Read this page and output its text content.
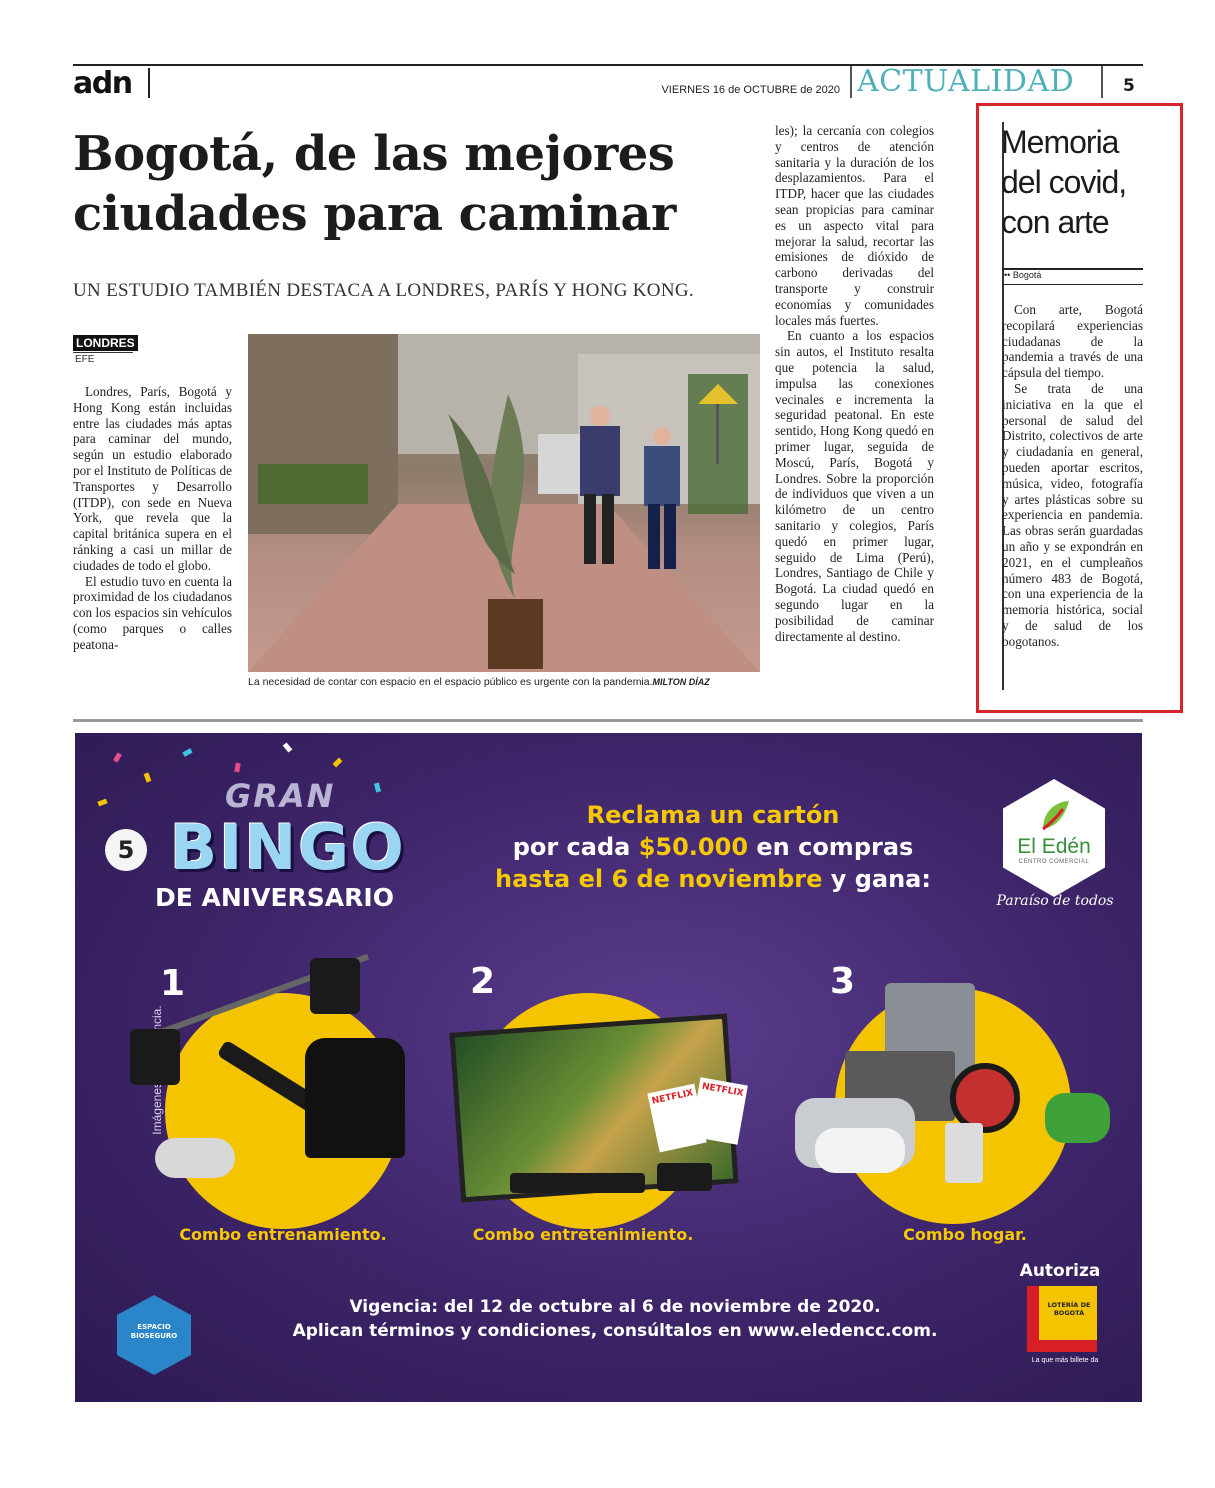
adn	VIERNES 16 de OCTUBRE de 2020 ACTUALIDAD	5
Bogotá, de las mejores ciudades para caminar
UN ESTUDIO TAMBIÉN DESTACA A LONDRES, PARÍS Y HONG KONG.
LONDRES
EFE

Londres, París, Bogotá y Hong Kong están incluidas entre las ciudades más aptas para caminar del mundo, según un estudio elaborado por el Instituto de Políticas de Transportes y Desarrollo (ITDP), con sede en Nueva York, que revela que la capital británica supera en el ránking a casi un millar de ciudades de todo el globo.

El estudio tuvo en cuenta la proximidad de los ciudadanos con los espacios sin vehículos (como parques o calles peatona-

La necesidad de contar con espacio en el espacio público es urgente con la pandemia.MILTON DÍAZ

les); la cercanía con colegios y centros de atención sanitaria y la duración de los desplazamientos. Para el ITDP, hacer que las ciudades sean propicias para caminar es un aspecto vital para mejorar la salud, recortar las emisiones de dióxido de carbono derivadas del transporte y construir economías y comunidades locales más fuertes.

En cuanto a los espacios sin autos, el Instituto resalta que potencia la salud, impulsa las conexiones vecinales e incrementa la seguridad peatonal. En este sentido, Hong Kong quedó en primer lugar, seguida de Moscú, París, Bogotá y Londres. Sobre la proporción de individuos que viven a un kilómetro de un centro sanitario y colegios, París quedó en primer lugar, seguido de Lima (Perú), Londres, Santiago de Chile y Bogotá. La ciudad quedó en segundo lugar en la posibilidad de caminar directamente al destino.

Memoria del covid, con arte
•• Bogotá

Con arte, Bogotá recopilará experiencias ciudadanas de la pandemia a través de una cápsula del tiempo.

Se trata de una iniciativa en la que el personal de salud del Distrito, colectivos de arte y ciudadanía en general, pueden aportar escritos, música, video, fotografía y artes plásticas sobre su experiencia en pandemia. Las obras serán guardadas un año y se expondrán en 2021, en el cumpleaños número 483 de Bogotá, con una experiencia de la memoria histórica, social y de salud de los bogotanos.

GRAN
5 BINGO
DE ANIVERSARIO
Reclama un cartón
por cada $50.000 en compras
hasta el 6 de noviembre y gana:
El Edén
CENTRO COMERCIAL
Paraíso de todos
1
Combo entrenamiento.
2
NETFLIX NETFLIX
Combo entretenimiento.
3
Combo hogar.
ESPACIO BIOSEGURO
Vigencia: del 12 de octubre al 6 de noviembre de 2020.
Aplican términos y condiciones, consúltalos en www.eledencc.com.
Autoriza
LOTERÍA DE BOGOTÁ
La que más billete da
